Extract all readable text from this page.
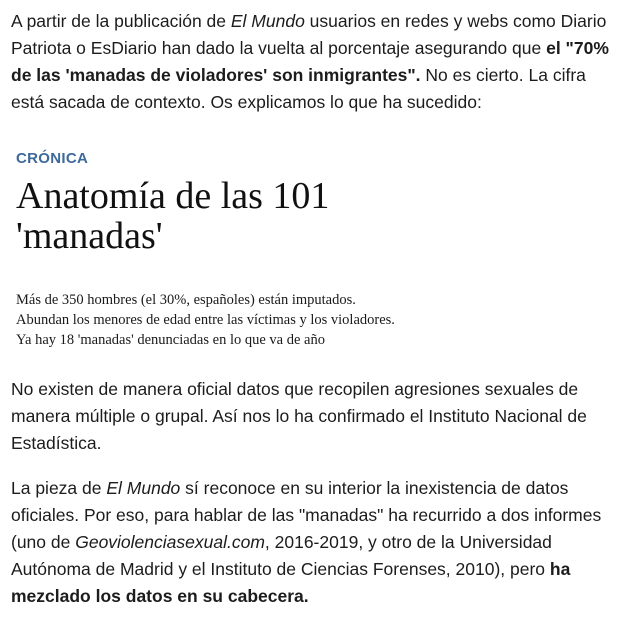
A partir de la publicación de El Mundo usuarios en redes y webs como Diario Patriota o EsDiario han dado la vuelta al porcentaje asegurando que el "70% de las 'manadas de violadores' son inmigrantes". No es cierto. La cifra está sacada de contexto. Os explicamos lo que ha sucedido:

CRÓNICA

Anatomía de las 101 'manadas'
Más de 350 hombres (el 30%, españoles) están imputados.
Abundan los menores de edad entre las víctimas y los violadores.
Ya hay 18 'manadas' denunciadas en lo que va de año

No existen de manera oficial datos que recopilen agresiones sexuales de manera múltiple o grupal. Así nos lo ha confirmado el Instituto Nacional de Estadística.

La pieza de El Mundo sí reconoce en su interior la inexistencia de datos oficiales. Por eso, para hablar de las "manadas" ha recurrido a dos informes (uno de Geoviolenciasexual.com, 2016-2019, y otro de la Universidad Autónoma de Madrid y el Instituto de Ciencias Forenses, 2010), pero ha mezclado los datos en su cabecera.
